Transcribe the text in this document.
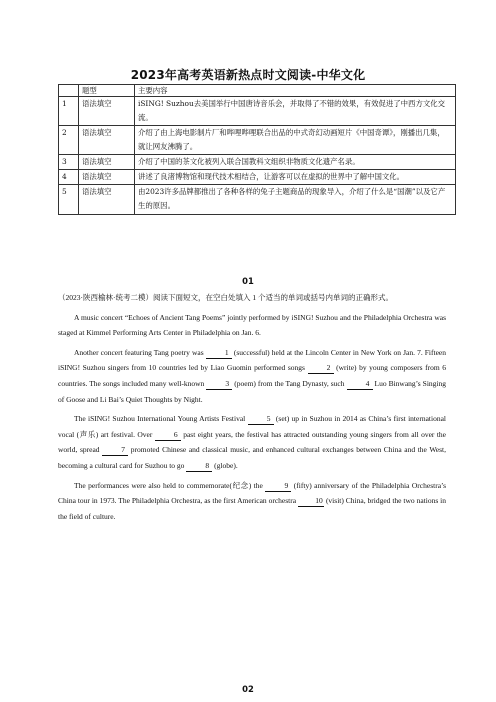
2023年高考英语新热点时文阅读-中华文化
	题型	主要内容
1	语法填空	iSING! Suzhou去美国举行中国唐诗音乐会，并取得了不错的效果，有效促进了中西方文化交流。
2	语法填空	介绍了由上海电影制片厂和哔哩哔哩联合出品的中式奇幻动画短片《中国奇谭》，刚播出几集，就让网友沸腾了。
3	语法填空	介绍了中国的茶文化被列入联合国教科文组织非物质文化遗产名录。
4	语法填空	讲述了良渚博物馆和现代技术相结合，让游客可以在虚拟的世界中了解中国文化。
5	语法填空	由2023许多品牌都推出了各种各样的兔子主题商品的现象导入，介绍了什么是“国潮”以及它产生的原因。
01

（2023·陕西榆林·统考二模）阅读下面短文，在空白处填入 1 个适当的单词或括号内单词的正确形式。

A music concert “Echoes of Ancient Tang Poems” jointly performed by iSING! Suzhou and the Philadelphia Orchestra was staged at Kimmel Performing Arts Center in Philadelphia on Jan. 6.

Another concert featuring Tang poetry was	1 (successful) held at the Lincoln Center in New York on Jan. 7. Fifteen iSING! Suzhou singers from 10 countries led by Liao Guomin performed songs	2 (write) by young composers from 6 countries. The songs included many well-known	3 (poem) from the Tang Dynasty, such	4 Luo Binwang’s Singing of Goose and Li Bai’s Quiet Thoughts by Night.

The iSING! Suzhou International Young Artists Festival	5 (set) up in Suzhou in 2014 as China’s first international vocal (声乐) art festival. Over	6 past eight years, the festival has attracted outstanding young singers from all over the world, spread	7 promoted Chinese and classical music, and enhanced cultural exchanges between China and the West, becoming a cultural card for Suzhou to go	8 (globe).

The performances were also held to commemorate(纪念) the	9 (fifty) anniversary of the Philadelphia Orchestra’s China tour in 1973. The Philadelphia Orchestra, as the first American orchestra	10 (visit) China, bridged the two nations in the field of culture.

02
